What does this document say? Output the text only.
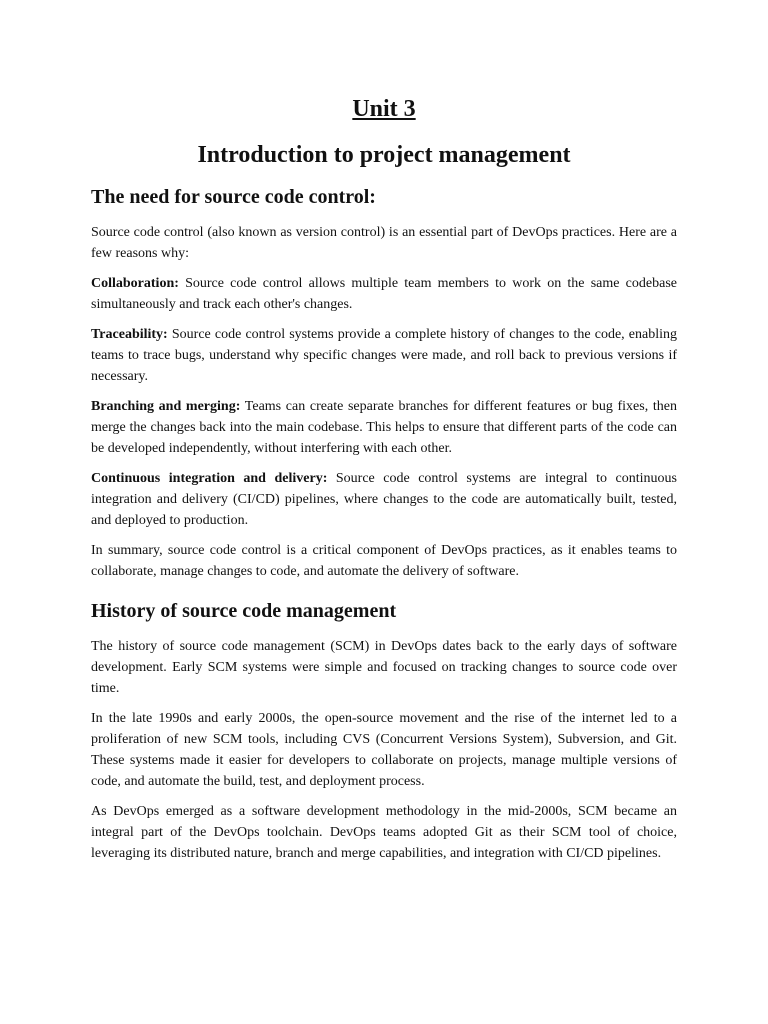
Unit 3
Introduction to project management
The need for source code control:

Source code control (also known as version control) is an essential part of DevOps practices. Here are a few reasons why:

Collaboration: Source code control allows multiple team members to work on the same codebase simultaneously and track each other's changes.

Traceability: Source code control systems provide a complete history of changes to the code, enabling teams to trace bugs, understand why specific changes were made, and roll back to previous versions if necessary.

Branching and merging: Teams can create separate branches for different features or bug fixes, then merge the changes back into the main codebase. This helps to ensure that different parts of the code can be developed independently, without interfering with each other.

Continuous integration and delivery: Source code control systems are integral to continuous integration and delivery (CI/CD) pipelines, where changes to the code are automatically built, tested, and deployed to production.

In summary, source code control is a critical component of DevOps practices, as it enables teams to collaborate, manage changes to code, and automate the delivery of software.

History of source code management

The history of source code management (SCM) in DevOps dates back to the early days of software development. Early SCM systems were simple and focused on tracking changes to source code over time.

In the late 1990s and early 2000s, the open-source movement and the rise of the internet led to a proliferation of new SCM tools, including CVS (Concurrent Versions System), Subversion, and Git. These systems made it easier for developers to collaborate on projects, manage multiple versions of code, and automate the build, test, and deployment process.

As DevOps emerged as a software development methodology in the mid-2000s, SCM became an integral part of the DevOps toolchain. DevOps teams adopted Git as their SCM tool of choice, leveraging its distributed nature, branch and merge capabilities, and integration with CI/CD pipelines.
